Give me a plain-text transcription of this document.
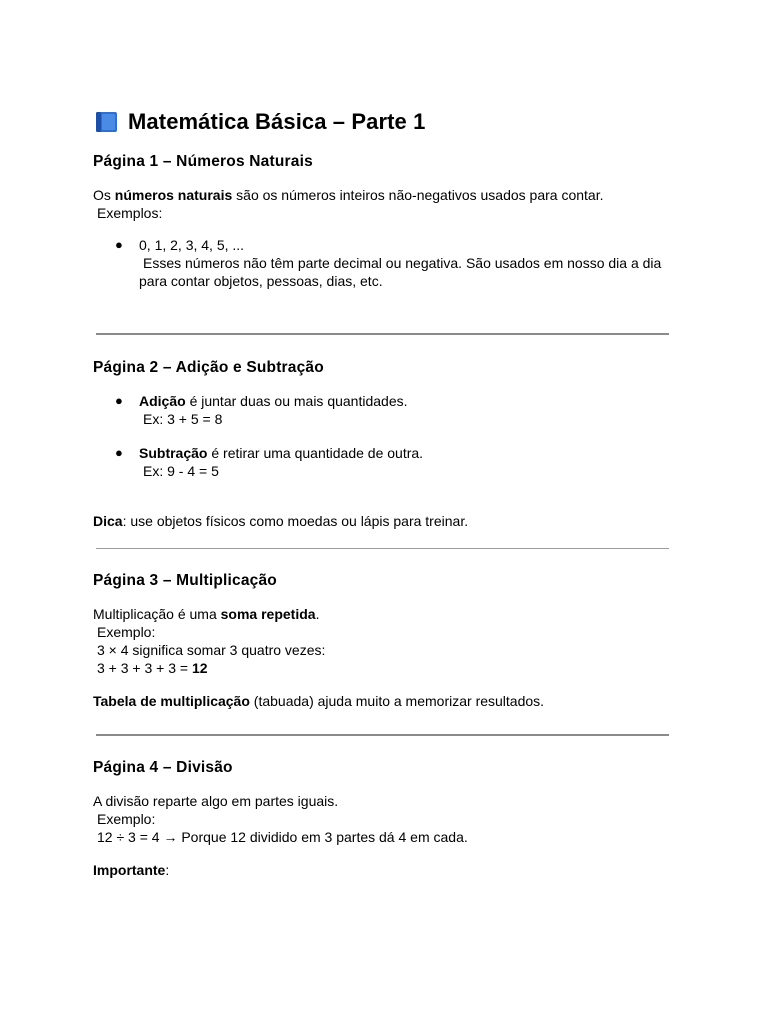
Matemática Básica – Parte 1
Página 1 – Números Naturais

Os números naturais são os números inteiros não-negativos usados para contar.

Exemplos:

● 0, 1, 2, 3, 4, 5, ...
Esses números não têm parte decimal ou negativa. São usados em nosso dia a dia
para contar objetos, pessoas, dias, etc.
Página 2 – Adição e Subtração
● Adição é juntar duas ou mais quantidades.
Ex: 3 + 5 = 8
● Subtração é retirar uma quantidade de outra.
Ex: 9 - 4 = 5

Dica: use objetos físicos como moedas ou lápis para treinar.

Página 3 – Multiplicação

Multiplicação é uma soma repetida.

Exemplo:

3 × 4 significa somar 3 quatro vezes:

3 + 3 + 3 + 3 = 12

Tabela de multiplicação (tabuada) ajuda muito a memorizar resultados.

Página 4 – Divisão

A divisão reparte algo em partes iguais.

Exemplo:

12 ÷ 3 = 4 → Porque 12 dividido em 3 partes dá 4 em cada.

Importante:
